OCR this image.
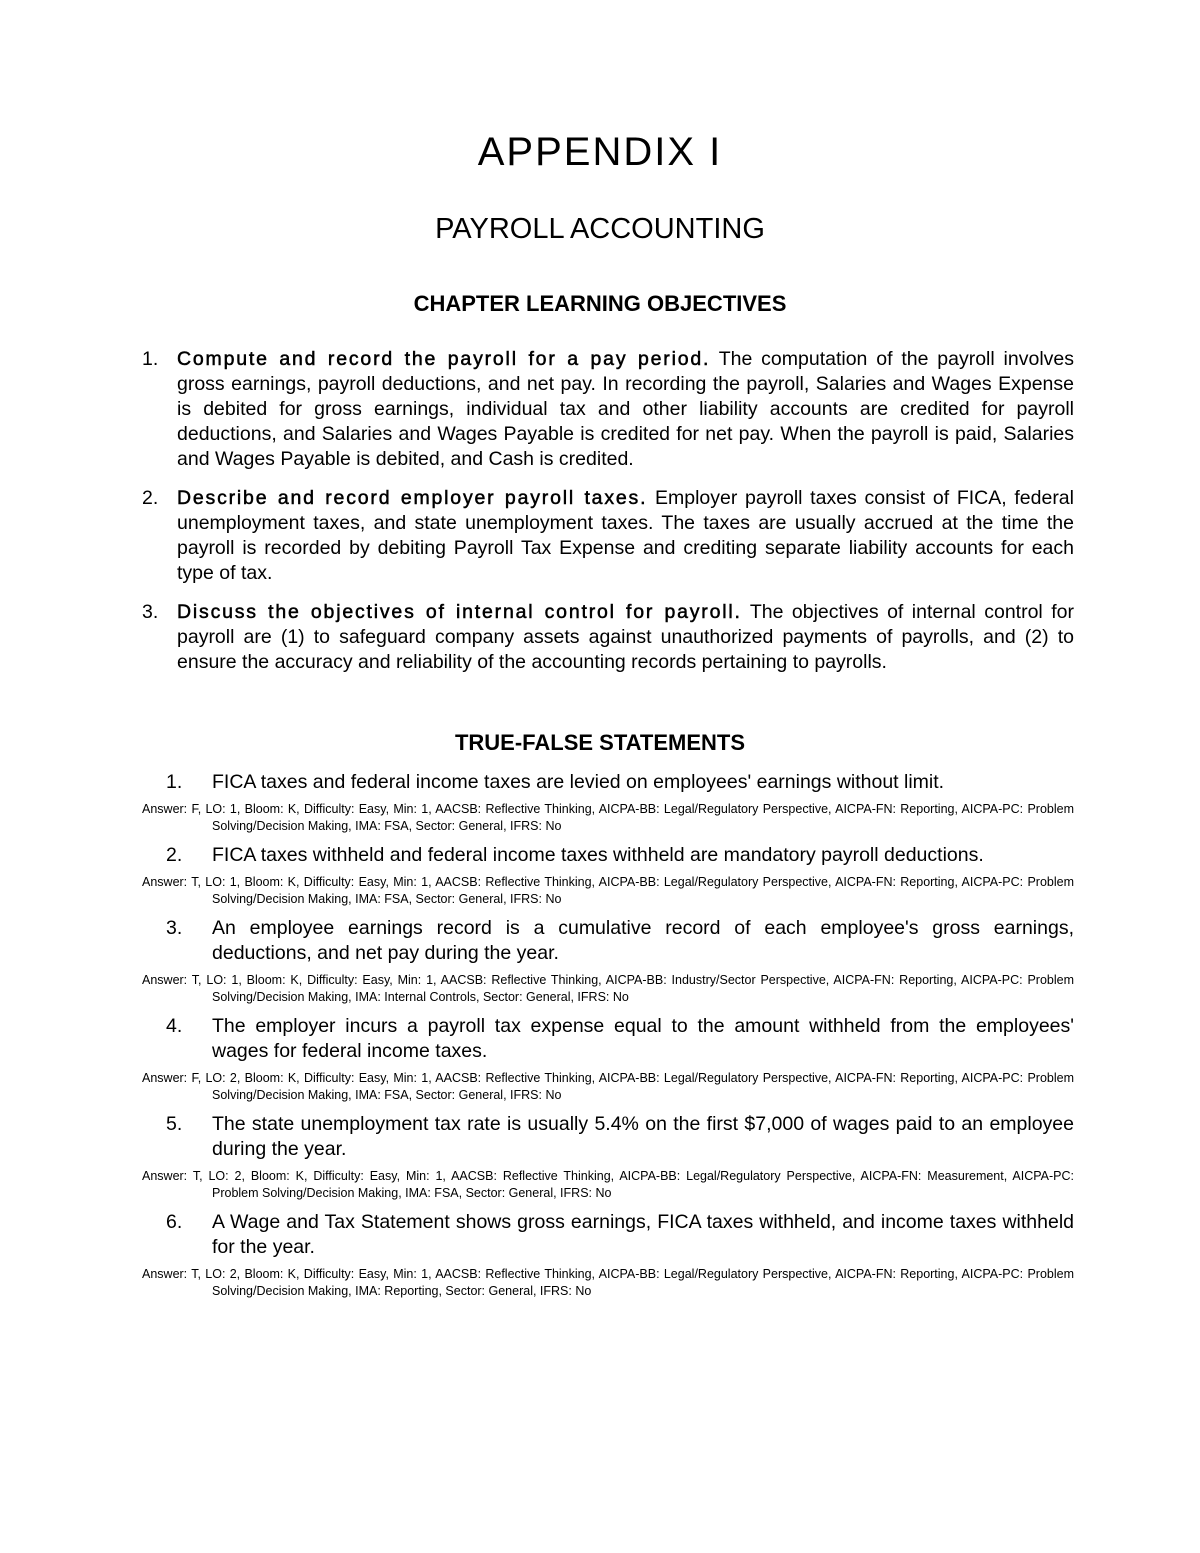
APPENDIX I
PAYROLL ACCOUNTING
CHAPTER LEARNING OBJECTIVES
1. Compute and record the payroll for a pay period. The computation of the payroll involves gross earnings, payroll deductions, and net pay. In recording the payroll, Salaries and Wages Expense is debited for gross earnings, individual tax and other liability accounts are credited for payroll deductions, and Salaries and Wages Payable is credited for net pay. When the payroll is paid, Salaries and Wages Payable is debited, and Cash is credited.
2. Describe and record employer payroll taxes. Employer payroll taxes consist of FICA, federal unemployment taxes, and state unemployment taxes. The taxes are usually accrued at the time the payroll is recorded by debiting Payroll Tax Expense and crediting separate liability accounts for each type of tax.
3. Discuss the objectives of internal control for payroll. The objectives of internal control for payroll are (1) to safeguard company assets against unauthorized payments of payrolls, and (2) to ensure the accuracy and reliability of the accounting records pertaining to payrolls.
TRUE-FALSE STATEMENTS
1. FICA taxes and federal income taxes are levied on employees' earnings without limit.
Answer: F, LO: 1, Bloom: K, Difficulty: Easy, Min: 1, AACSB: Reflective Thinking, AICPA-BB: Legal/Regulatory Perspective, AICPA-FN: Reporting, AICPA-PC: Problem Solving/Decision Making, IMA: FSA, Sector: General, IFRS: No
2. FICA taxes withheld and federal income taxes withheld are mandatory payroll deductions.
Answer: T, LO: 1, Bloom: K, Difficulty: Easy, Min: 1, AACSB: Reflective Thinking, AICPA-BB: Legal/Regulatory Perspective, AICPA-FN: Reporting, AICPA-PC: Problem Solving/Decision Making, IMA: FSA, Sector: General, IFRS: No
3. An employee earnings record is a cumulative record of each employee's gross earnings, deductions, and net pay during the year.
Answer: T, LO: 1, Bloom: K, Difficulty: Easy, Min: 1, AACSB: Reflective Thinking, AICPA-BB: Industry/Sector Perspective, AICPA-FN: Reporting, AICPA-PC: Problem Solving/Decision Making, IMA: Internal Controls, Sector: General, IFRS: No
4. The employer incurs a payroll tax expense equal to the amount withheld from the employees' wages for federal income taxes.
Answer: F, LO: 2, Bloom: K, Difficulty: Easy, Min: 1, AACSB: Reflective Thinking, AICPA-BB: Legal/Regulatory Perspective, AICPA-FN: Reporting, AICPA-PC: Problem Solving/Decision Making, IMA: FSA, Sector: General, IFRS: No
5. The state unemployment tax rate is usually 5.4% on the first $7,000 of wages paid to an employee during the year.
Answer: T, LO: 2, Bloom: K, Difficulty: Easy, Min: 1, AACSB: Reflective Thinking, AICPA-BB: Legal/Regulatory Perspective, AICPA-FN: Measurement, AICPA-PC: Problem Solving/Decision Making, IMA: FSA, Sector: General, IFRS: No
6. A Wage and Tax Statement shows gross earnings, FICA taxes withheld, and income taxes withheld for the year.
Answer: T, LO: 2, Bloom: K, Difficulty: Easy, Min: 1, AACSB: Reflective Thinking, AICPA-BB: Legal/Regulatory Perspective, AICPA-FN: Reporting, AICPA-PC: Problem Solving/Decision Making, IMA: Reporting, Sector: General, IFRS: No
